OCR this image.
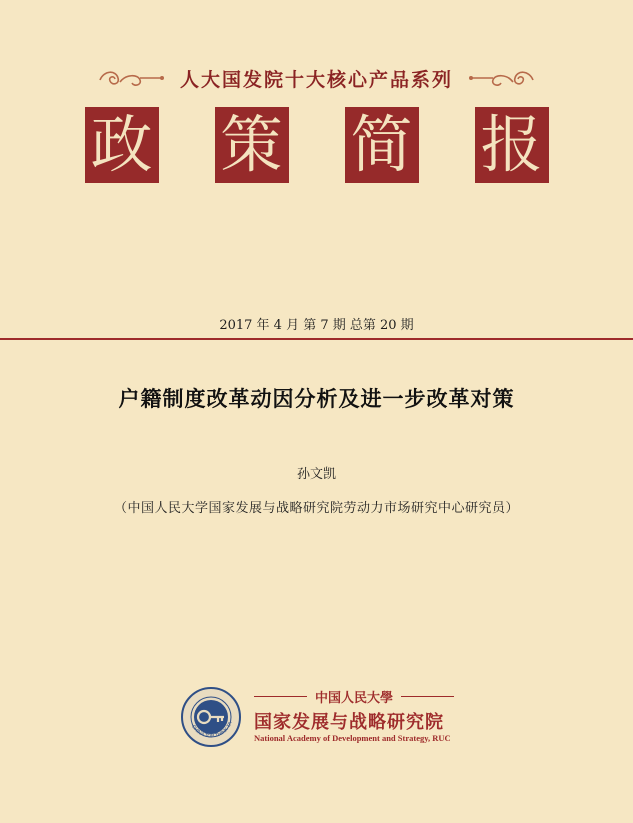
人大国发院十大核心产品系列
政 策 简 报
2017 年 4 月 第 7 期 总第 20 期
户籍制度改革动因分析及进一步改革对策
孙文凯
（中国人民大学国家发展与战略研究院劳动力市场研究中心研究员）
CHINA TOP THINK TA
中国人民大學
国家发展与战略研究院
National Academy of Development and Strategy, RUC
